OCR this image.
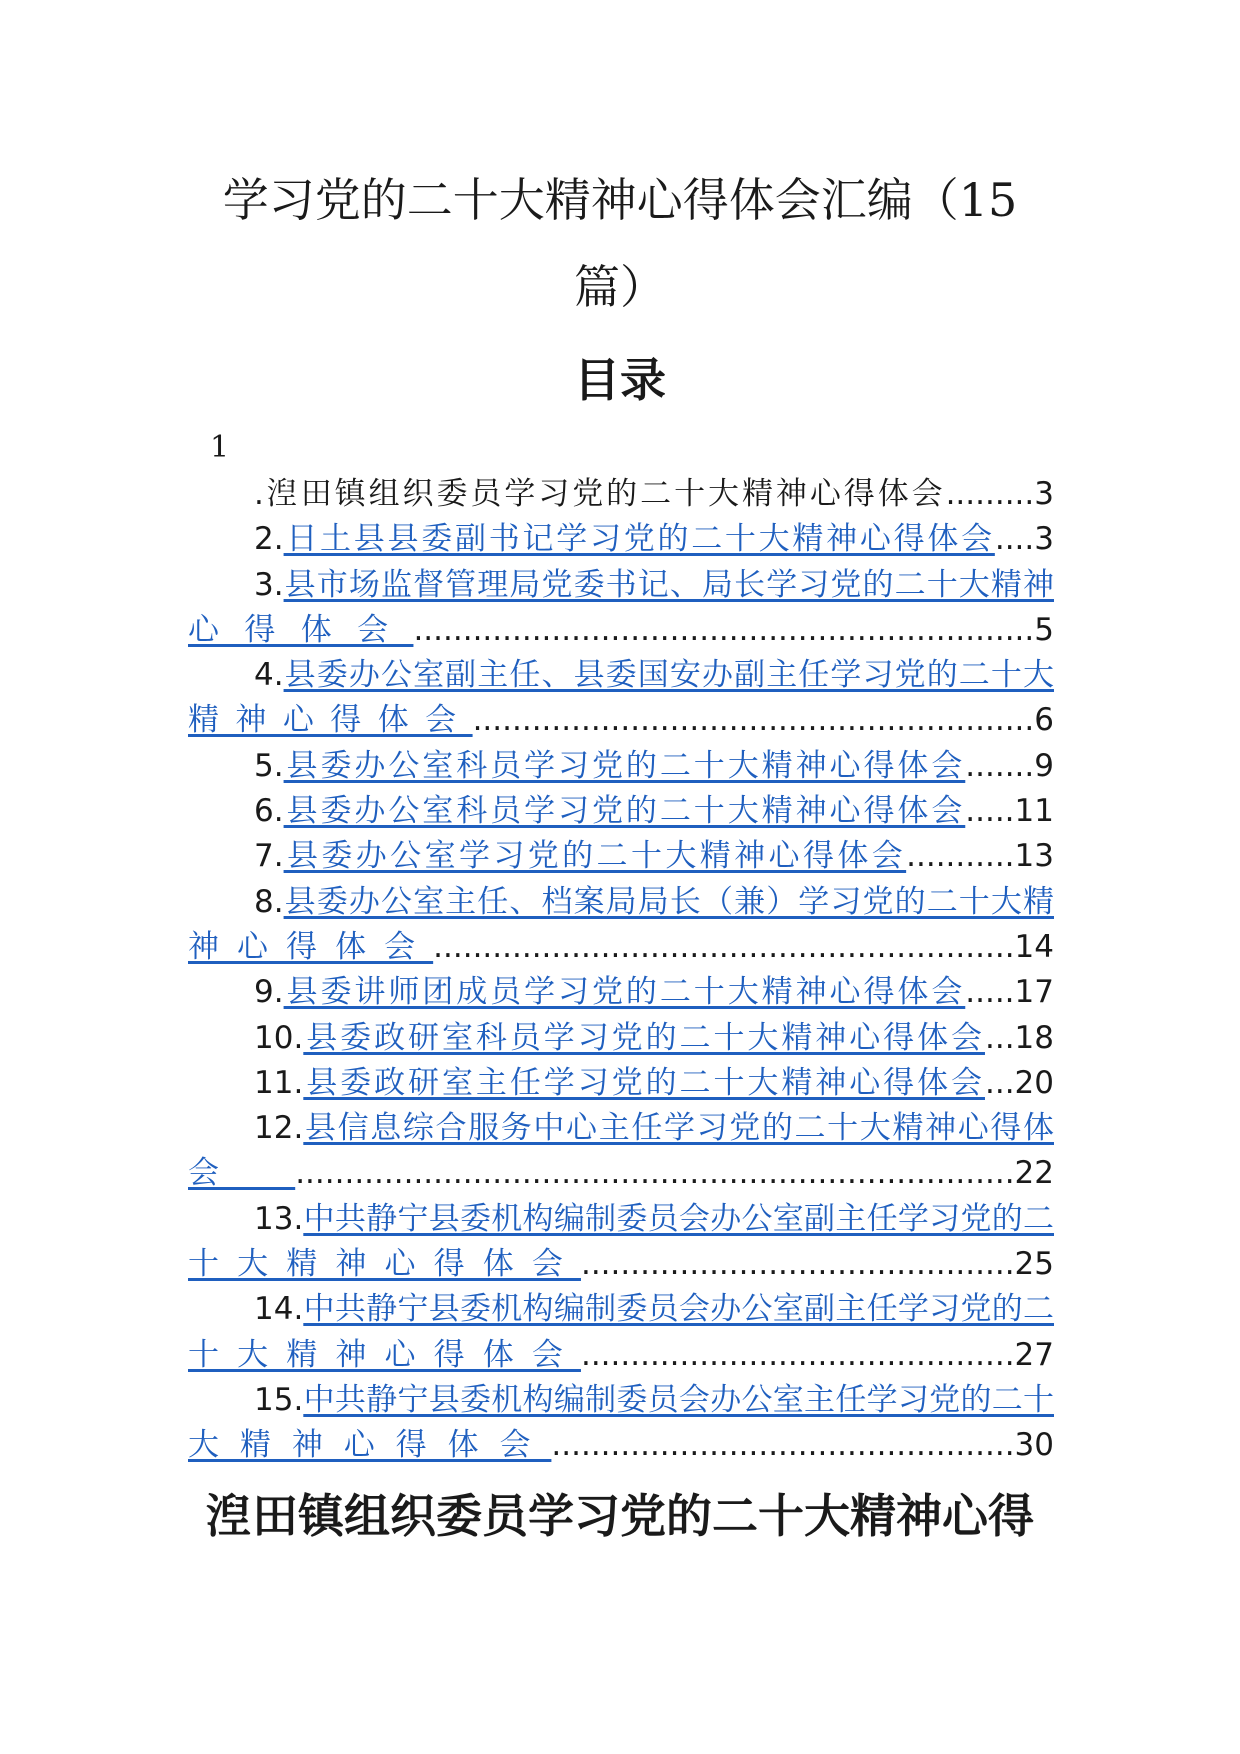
学习党的二十大精神心得体会汇编（15
篇）
目录
1
.湼田镇组织委员学习党的二十大精神心得体会.........3
2.日土县县委副书记学习党的二十大精神心得体会....3
3.县市场监督管理局党委书记、局长学习党的二十大精神心得体会...............................................................5
4.县委办公室副主任、县委国安办副主任学习党的二十大精神心得体会.........................................................6
5.县委办公室科员学习党的二十大精神心得体会.......9
6.县委办公室科员学习党的二十大精神心得体会.....11
7.县委办公室学习党的二十大精神心得体会...........13
8.县委办公室主任、档案局局长（兼）学习党的二十大精神心得体会...........................................................14
9.县委讲师团成员学习党的二十大精神心得体会.....17
10.县委政研室科员学习党的二十大精神心得体会...18
11.县委政研室主任学习党的二十大精神心得体会...20
12.县信息综合服务中心主任学习党的二十大精神心得体会.........................................................................22
13.中共静宁县委机构编制委员会办公室副主任学习党的二十大精神心得体会............................................25
14.中共静宁县委机构编制委员会办公室副主任学习党的二十大精神心得体会............................................27
15.中共静宁县委机构编制委员会办公室主任学习党的二十大精神心得体会...............................................30
湼田镇组织委员学习党的二十大精神心得
